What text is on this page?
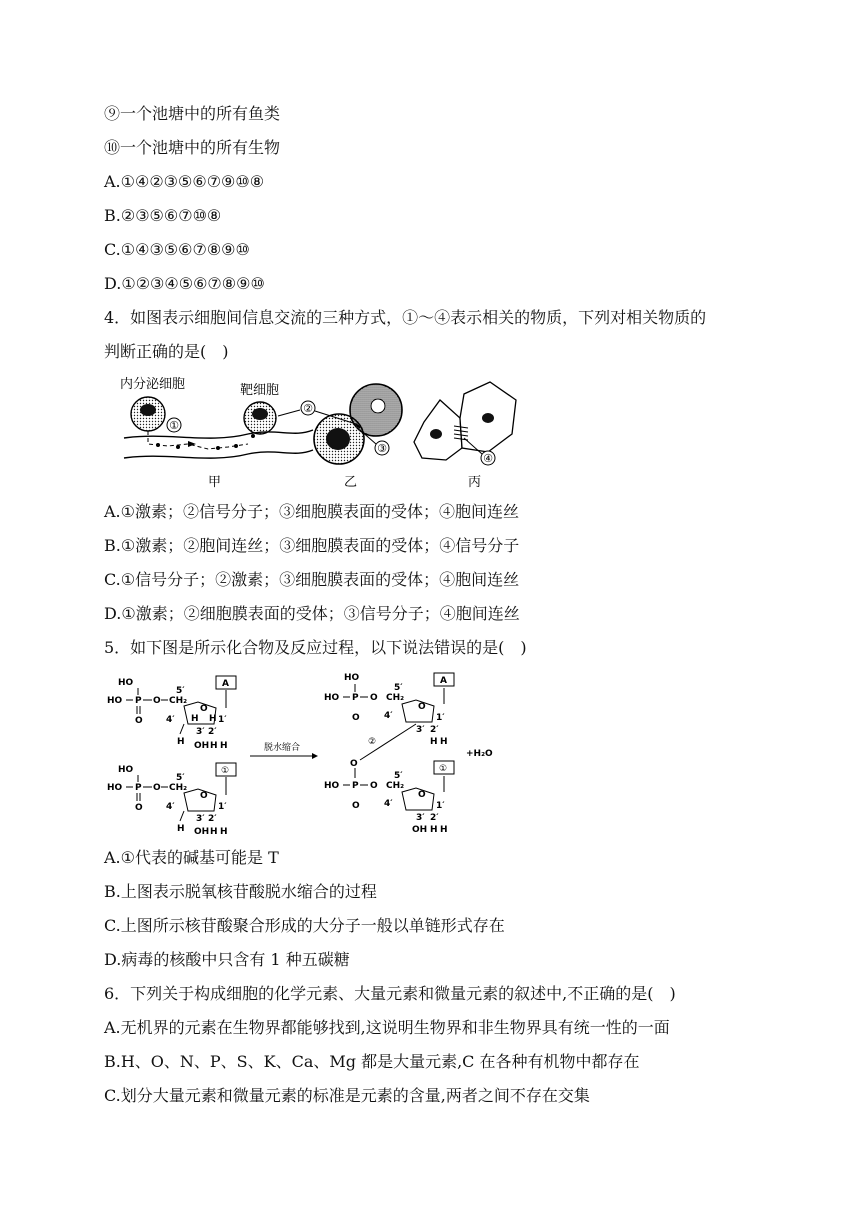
⑨一个池塘中的所有鱼类
⑩一个池塘中的所有生物
A.①④②③⑤⑥⑦⑨⑩⑧
B.②③⑤⑥⑦⑩⑧
C.①④③⑤⑥⑦⑧⑨⑩
D.①②③④⑤⑥⑦⑧⑨⑩
4．如图表示细胞间信息交流的三种方式，①～④表示相关的物质，下列对相关物质的
判断正确的是(　)
内分泌细胞
①
靶细胞
甲
②
③
乙
④
丙
A.①激素；②信号分子；③细胞膜表面的受体；④胞间连丝
B.①激素；②胞间连丝；③细胞膜表面的受体；④信号分子
C.①信号分子；②激素；③细胞膜表面的受体；④胞间连丝
D.①激素；②细胞膜表面的受体；③信号分子；④胞间连丝
5．如下图是所示化合物及反应过程，以下说法错误的是(　)
HO
HO P
O
O
5′
CH₂
O
4′	1′
H H
H
3′ 2′
OH H H
A
HO
HO P
O
O
5′
CH₂
O
4′	1′
H
3′ 2′
OH H H
①
脱水缩合
HO
HO P
O
O
5′
CH₂
O
4′	1′
3′ 2′
H H
A
②
O
+H₂O
HO P
O
O
5′
CH₂
O
4′	1′
3′ 2′
OH H H
①
A.①代表的碱基可能是 T
B.上图表示脱氧核苷酸脱水缩合的过程
C.上图所示核苷酸聚合形成的大分子一般以单链形式存在
D.病毒的核酸中只含有 1 种五碳糖
6．下列关于构成细胞的化学元素、大量元素和微量元素的叙述中,不正确的是(　)
A.无机界的元素在生物界都能够找到,这说明生物界和非生物界具有统一性的一面
B.H、O、N、P、S、K、Ca、Mg 都是大量元素,C 在各种有机物中都存在
C.划分大量元素和微量元素的标准是元素的含量,两者之间不存在交集
